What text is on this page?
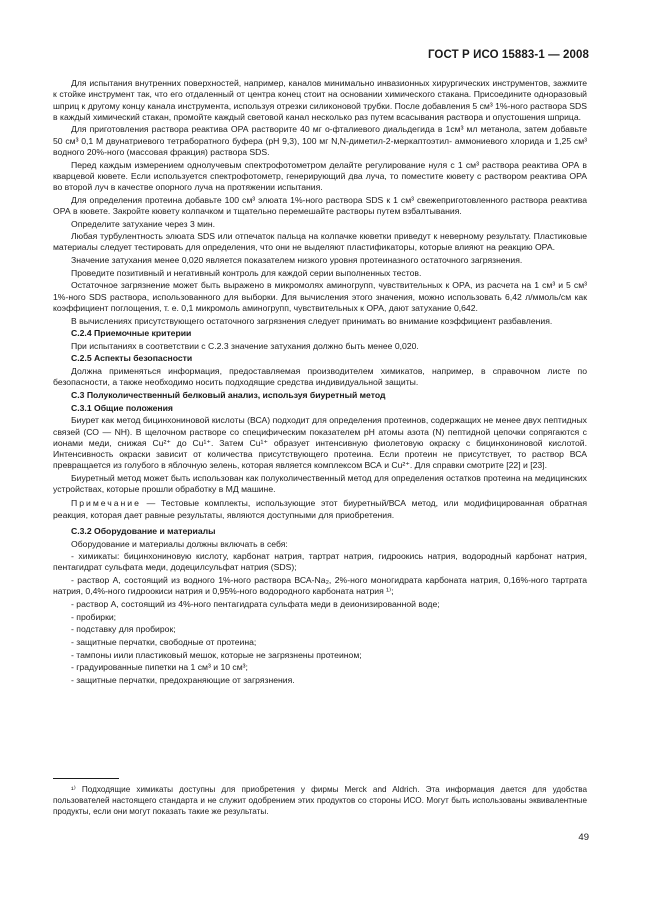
ГОСТ Р ИСО 15883-1 — 2008

Для испытания внутренних поверхностей, например, каналов минимально инвазионных хирургических инструментов, зажмите к стойке инструмент так, что его отдаленный от центра конец стоит на основании химического стакана. Присоедините одноразовый шприц к другому концу канала инструмента, используя отрезки силиконовой трубки. После добавления 5 см³ 1%-ного раствора SDS в каждый химический стакан, промойте каждый световой канал несколько раз путем всасывания раствора и опустошения шприца.

Для приготовления раствора реактива ОРА растворите 40 мг о-фталиевого диальдегида в 1см³ мл метанола, затем добавьте 50 см³ 0,1 М двунатриевого тетраборатного буфера (рН 9,3), 100 мг N,N-диметил-2-меркаптоэтил- аммониевого хлорида и 1,25 см³ водного 20%-ного (массовая фракция) раствора SDS.

Перед каждым измерением однолучевым спектрофотометром делайте регулирование нуля с 1 см³ раствора реактива ОРА в кварцевой кювете. Если используется спектрофотометр, генерирующий два луча, то поместите кювету с раствором реактива ОРА во второй луч в качестве опорного луча на протяжении испытания.

Для определения протеина добавьте 100 см³ элюата 1%-ного раствора SDS к 1 см³ свежеприготовленного раствора реактива ОРА в кювете. Закройте кювету колпачком и тщательно перемешайте растворы путем взбалтывания.

Определите затухание через 3 мин.

Любая турбулентность элюата SDS или отпечаток пальца на колпачке кюветки приведут к неверному результату. Пластиковые материалы следует тестировать для определения, что они не выделяют пластификаторы, которые влияют на реакцию ОРА.

Значение затухания менее 0,020 является показателем низкого уровня протеиназного остаточного загрязнения.

Проведите позитивный и негативный контроль для каждой серии выполненных тестов.

Остаточное загрязнение может быть выражено в микромолях аминогрупп, чувствительных к ОРА, из расчета на 1 см³ и 5 см³ 1%-ного SDS раствора, использованного для выборки. Для вычисления этого значения, можно использовать 6,42 л/ммоль/см как коэффициент поглощения, т. е. 0,1 микромоль аминогрупп, чувствительных к ОРА, дают затухание 0,642.

В вычислениях присутствующего остаточного загрязнения следует принимать во внимание коэффициент разбавления.

С.2.4 Приемочные критерии

При испытаниях в соответствии с С.2.3 значение затухания должно быть менее 0,020.

С.2.5 Аспекты безопасности

Должна применяться информация, предоставляемая производителем химикатов, например, в справочном листе по безопасности, а также необходимо носить подходящие средства индивидуальной защиты.

С.3 Полуколичественный белковый анализ, используя биуретный метод

С.3.1 Общие положения

Биурет как метод бицинхониновой кислоты (ВСА) подходит для определения протеинов, содержащих не менее двух пептидных связей (СО — NH). В щелочном растворе со специфическим показателем рН атомы азота (N) пептидной цепочки сопрягаются с ионами меди, снижая Cu²⁺ до Cu¹⁺. Затем Cu¹⁺ образует интенсивную фиолетовую окраску с бицинхониновой кислотой. Интенсивность окраски зависит от количества присутствующего протеина. Если протеин не присутствует, то раствор ВСА превращается из голубого в яблочную зелень, которая является комплексом ВСА и Cu²⁺. Для справки смотрите [22] и [23].

Биуретный метод может быть использован как полуколичественный метод для определения остатков протеина на медицинских устройствах, которые прошли обработку в МД машине.

Примечание — Тестовые комплекты, использующие этот биуретный/ВСА метод, или модифицированная обратная реакция, которая дает равные результаты, являются доступными для приобретения.

С.3.2 Оборудование и материалы

Оборудование и материалы должны включать в себя:

- химикаты: бицинхониновую кислоту, карбонат натрия, тартрат натрия, гидроокись натрия, водородный карбонат натрия, пентагидрат сульфата меди, додецилсульфат натрия (SDS);
- раствор А, состоящий из водного 1%-ного раствора ВСА-Na₂, 2%-ного моногидрата карбоната натрия, 0,16%-ного тартрата натрия, 0,4%-ного гидроокиси натрия и 0,95%-ного водородного карбоната натрия ¹⁾;
- раствор А, состоящий из 4%-ного пентагидрата сульфата меди в деионизированной воде;
- пробирки;
- подставку для пробирок;
- защитные перчатки, свободные от протеина;
- тампоны иили пластиковый мешок, которые не загрязнены протеином;
- градуированные пипетки на 1 см³ и 10 см³;
- защитные перчатки, предохраняющие от загрязнения.
¹⁾ Подходящие химикаты доступны для приобретения у фирмы Merck and Aldrich. Эта информация дается для удобства пользователей настоящего стандарта и не служит одобрением этих продуктов со стороны ИСО. Могут быть использованы эквивалентные продукты, если они могут показать такие же результаты.
49
